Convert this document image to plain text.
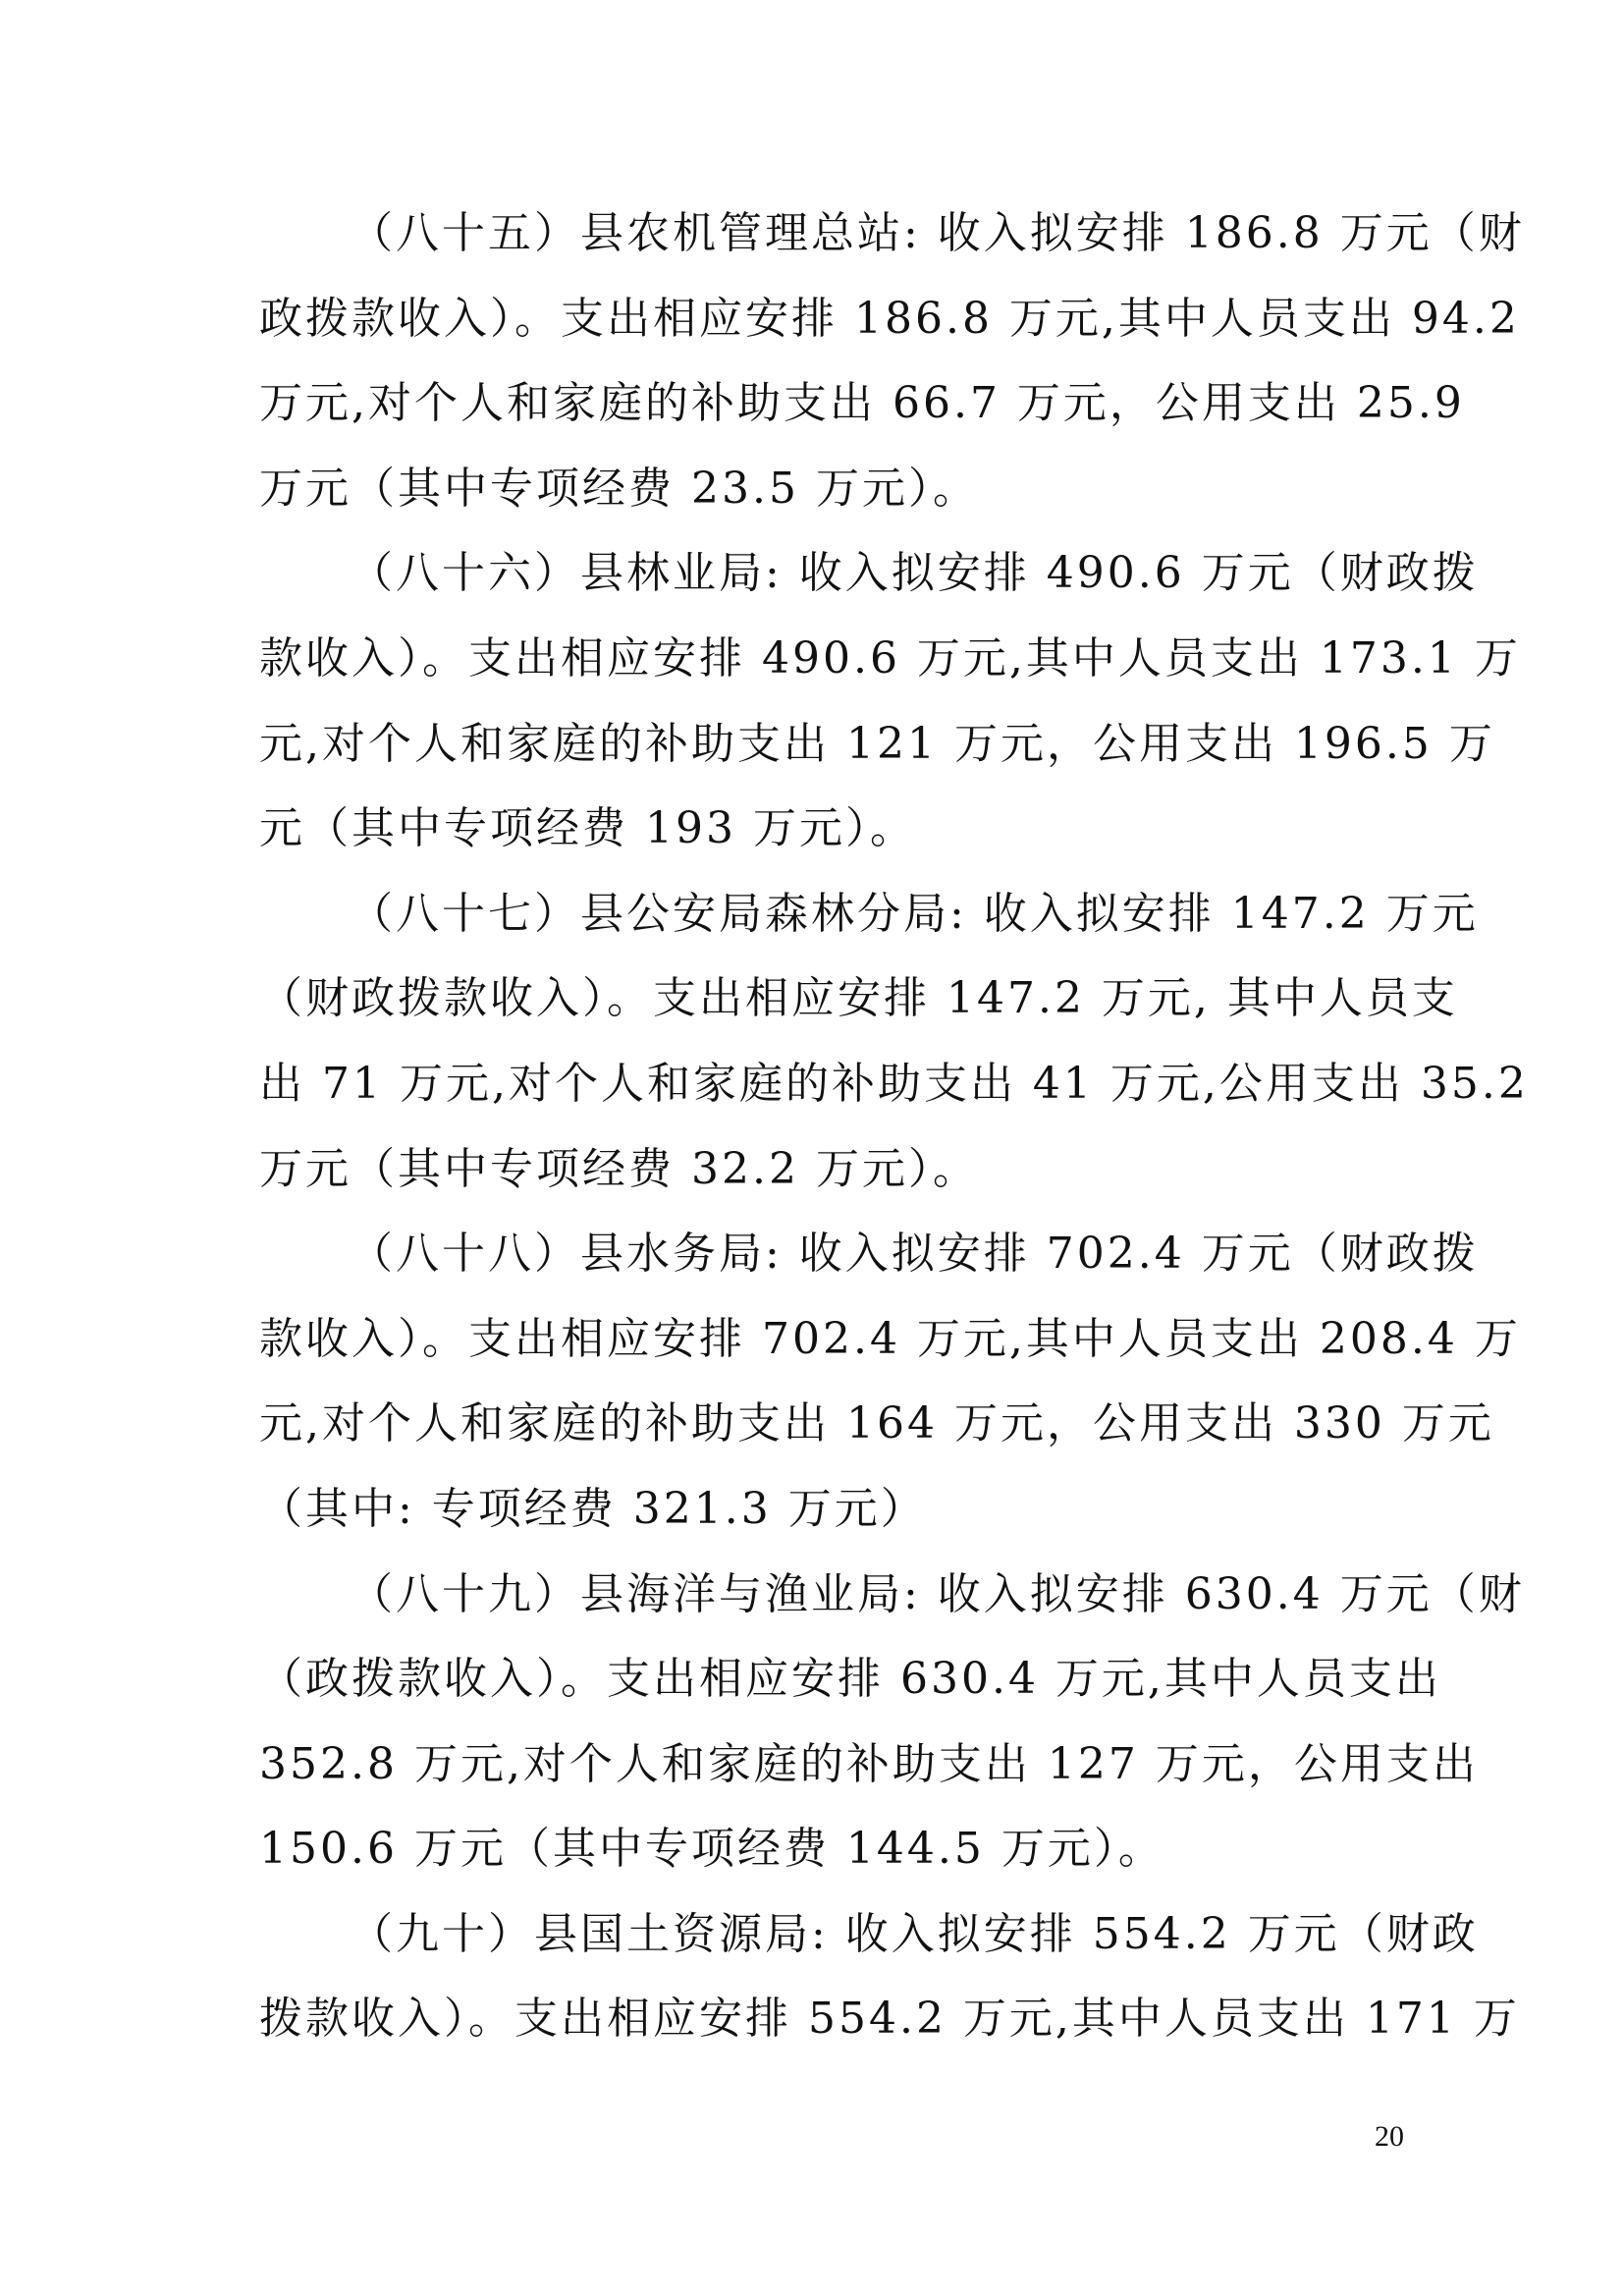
（八十五）县农机管理总站: 收入拟安排 186.8 万元（财
政拨款收入）。支出相应安排 186.8 万元,其中人员支出 94.2
万元,对个人和家庭的补助支出 66.7 万元，公用支出 25.9
万元（其中专项经费 23.5 万元）。

（八十六）县林业局: 收入拟安排 490.6 万元（财政拨
款收入）。支出相应安排 490.6 万元,其中人员支出 173.1 万
元,对个人和家庭的补助支出 121 万元，公用支出 196.5 万
元（其中专项经费 193 万元）。

（八十七）县公安局森林分局: 收入拟安排 147.2 万元
（财政拨款收入）。支出相应安排 147.2 万元, 其中人员支
出 71 万元,对个人和家庭的补助支出 41 万元,公用支出 35.2
万元（其中专项经费 32.2 万元）。

（八十八）县水务局: 收入拟安排 702.4 万元（财政拨
款收入）。支出相应安排 702.4 万元,其中人员支出 208.4 万
元,对个人和家庭的补助支出 164 万元，公用支出 330 万元
（其中: 专项经费 321.3 万元）

（八十九）县海洋与渔业局: 收入拟安排 630.4 万元（财
（政拨款收入）。支出相应安排 630.4 万元,其中人员支出
352.8 万元,对个人和家庭的补助支出 127 万元，公用支出
150.6 万元（其中专项经费 144.5 万元）。

（九十）县国土资源局: 收入拟安排 554.2 万元（财政
拨款收入）。支出相应安排 554.2 万元,其中人员支出 171 万

20
